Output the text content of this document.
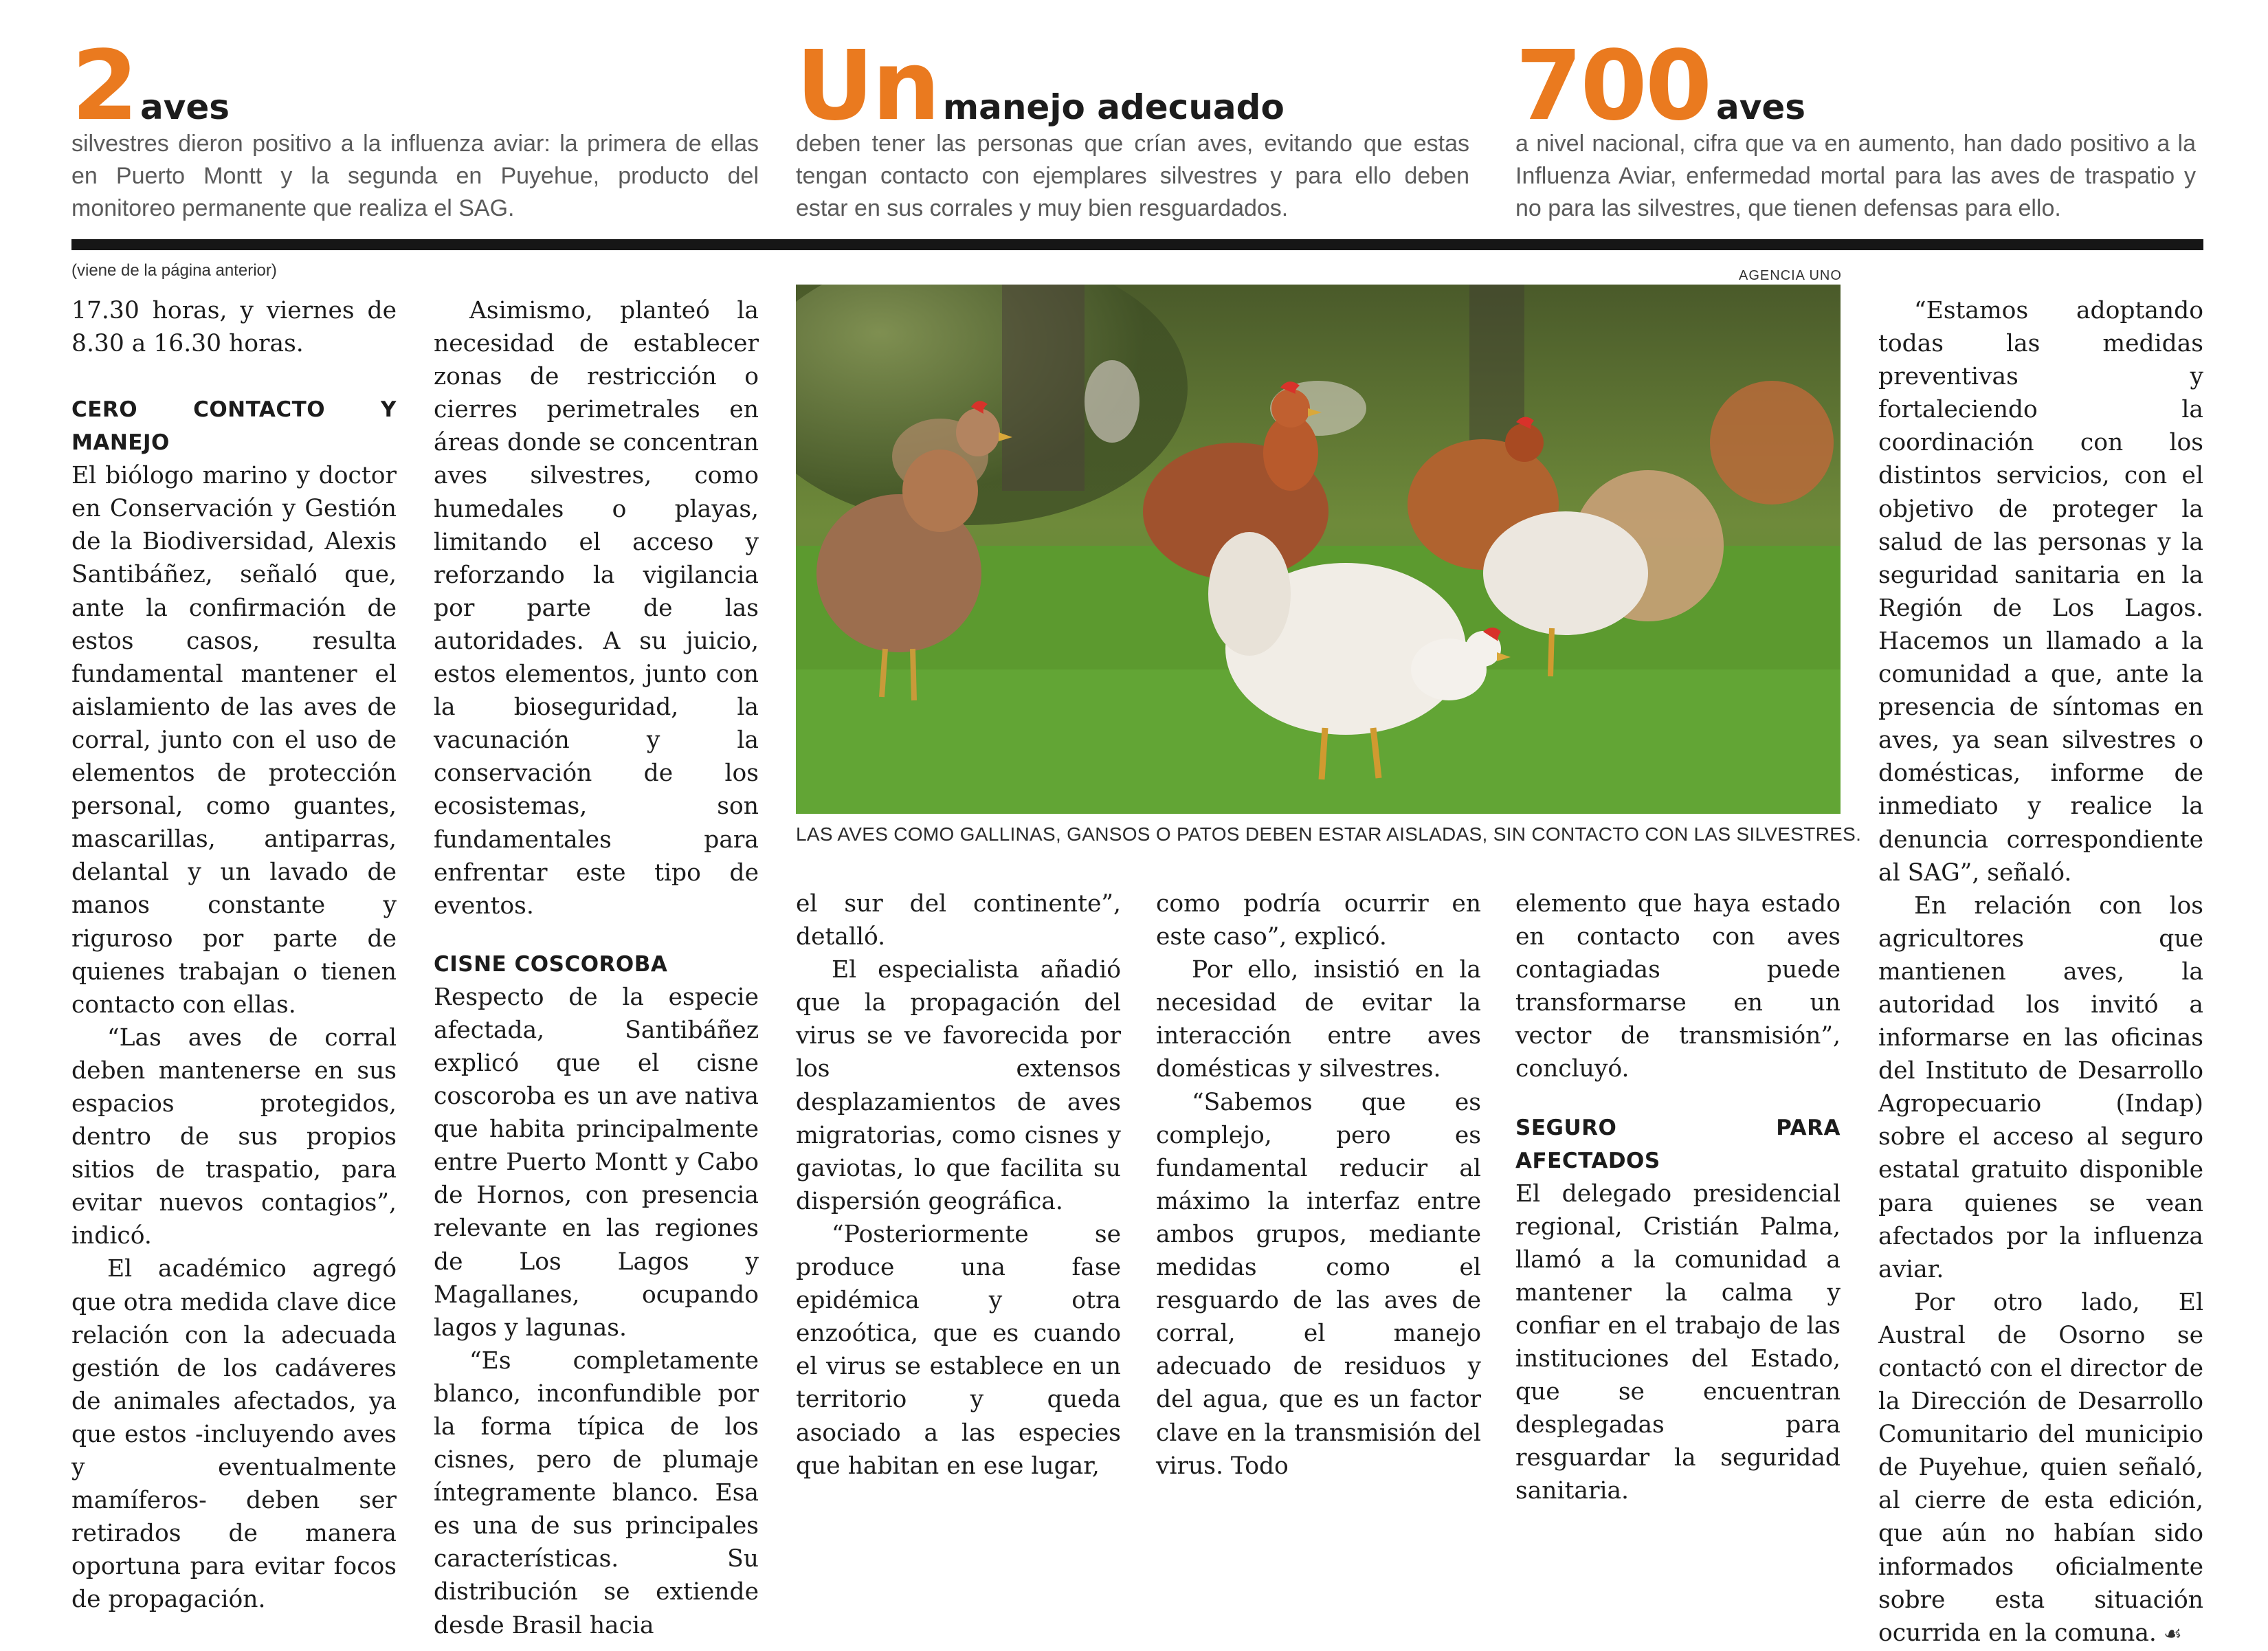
2 aves
silvestres dieron positivo a la influenza aviar: la primera de ellas en Puerto Montt y la segunda en Puyehue, producto del monitoreo permanente que realiza el SAG.
Un manejo adecuado
deben tener las personas que crían aves, evitando que estas tengan contacto con ejemplares silvestres y para ello deben estar en sus corrales y muy bien resguardados.
700 aves
a nivel nacional, cifra que va en aumento, han dado positivo a la Influenza Aviar, enfermedad mortal para las aves de traspatio y no para las silvestres, que tienen defensas para ello.
(viene de la página anterior)	AGENCIA UNO
LAS AVES COMO GALLINAS, GANSOS O PATOS DEBEN ESTAR AISLADAS, SIN CONTACTO CON LAS SILVESTRES.

17.30 horas, y viernes de 8.30 a 16.30 horas.

CERO CONTACTO Y MANEJO

El biólogo marino y doctor en Conservación y Gestión de la Biodiversidad, Alexis Santibáñez, señaló que, ante la confirmación de estos casos, resulta fundamental mantener el aislamiento de las aves de corral, junto con el uso de elementos de protección personal, como guantes, mascarillas, antiparras, delantal y un lavado de manos constante y riguroso por parte de quienes trabajan o tienen contacto con ellas.

“Las aves de corral deben mantenerse en sus espacios protegidos, dentro de sus propios sitios de traspatio, para evitar nuevos contagios”, indicó.

El académico agregó que otra medida clave dice relación con la adecuada gestión de los cadáveres de animales afectados, ya que estos -incluyendo aves y eventualmente mamíferos- deben ser retirados de manera oportuna para evitar focos de propagación.

Asimismo, planteó la necesidad de establecer zonas de restricción o cierres perimetrales en áreas donde se concentran aves silvestres, como humedales o playas, limitando el acceso y reforzando la vigilancia por parte de las autoridades. A su juicio, estos elementos, junto con la bioseguridad, la vacunación y la conservación de los ecosistemas, son fundamentales para enfrentar este tipo de eventos.

CISNE COSCOROBA

Respecto de la especie afectada, Santibáñez explicó que el cisne coscoroba es un ave nativa que habita principalmente entre Puerto Montt y Cabo de Hornos, con presencia relevante en las regiones de Los Lagos y Magallanes, ocupando lagos y lagunas.

“Es completamente blanco, inconfundible por la forma típica de los cisnes, pero de plumaje íntegramente blanco. Esa es una de sus principales características. Su distribución se extiende desde Brasil hacia

el sur del continente”, detalló.

El especialista añadió que la propagación del virus se ve favorecida por los extensos desplazamientos de aves migratorias, como cisnes y gaviotas, lo que facilita su dispersión geográfica.

“Posteriormente se produce una fase epidémica y otra enzoótica, que es cuando el virus se establece en un territorio y queda asociado a las especies que habitan en ese lugar,

como podría ocurrir en este caso”, explicó.

Por ello, insistió en la necesidad de evitar la interacción entre aves domésticas y silvestres.

“Sabemos que es complejo, pero es fundamental reducir al máximo la interfaz entre ambos grupos, mediante medidas como el resguardo de las aves de corral, el manejo adecuado de residuos y del agua, que es un factor clave en la transmisión del virus. Todo

elemento que haya estado en contacto con aves contagiadas puede transformarse en un vector de transmisión”, concluyó.

SEGURO PARA AFECTADOS

El delegado presidencial regional, Cristián Palma, llamó a la comunidad a mantener la calma y confiar en el trabajo de las instituciones del Estado, que se encuentran desplegadas para resguardar la seguridad sanitaria.

“Estamos adoptando todas las medidas preventivas y fortaleciendo la coordinación con los distintos servicios, con el objetivo de proteger la salud de las personas y la seguridad sanitaria en la Región de Los Lagos. Hacemos un llamado a la comunidad a que, ante la presencia de síntomas en aves, ya sean silvestres o domésticas, informe de inmediato y realice la denuncia correspondiente al SAG”, señaló.

En relación con los agricultores que mantienen aves, la autoridad los invitó a informarse en las oficinas del Instituto de Desarrollo Agropecuario (Indap) sobre el acceso al seguro estatal gratuito disponible para quienes se vean afectados por la influenza aviar.

Por otro lado, El Austral de Osorno se contactó con el director de la Dirección de Desarrollo Comunitario del municipio de Puyehue, quien señaló, al cierre de esta edición, que aún no habían sido informados oficialmente sobre esta situación ocurrida en la comuna. ☙
